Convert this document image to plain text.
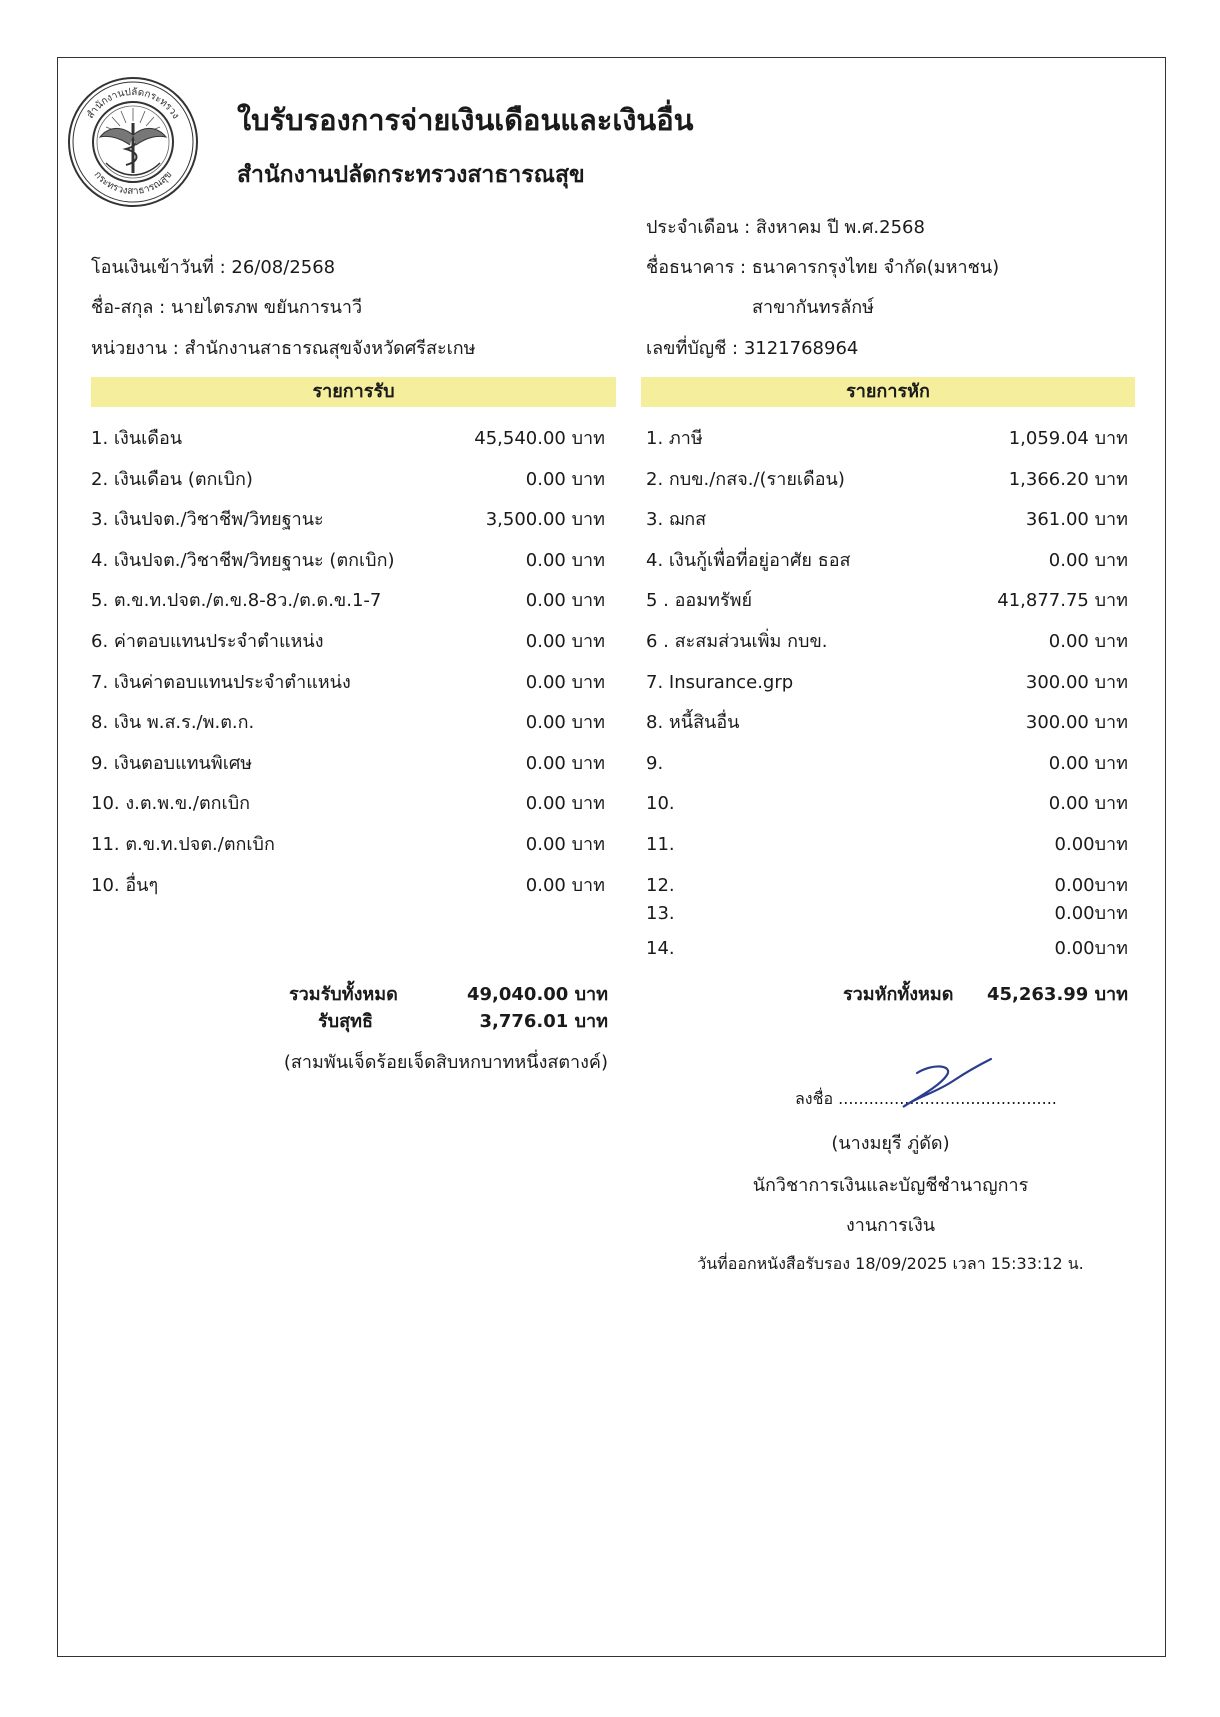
สำนักงานปลัดกระทรวง
กระทรวงสาธารณสุข
ใบรับรองการจ่ายเงินเดือนและเงินอื่น
สำนักงานปลัดกระทรวงสาธารณสุข
ประจำเดือน : สิงหาคม ปี พ.ศ.2568
โอนเงินเข้าวันที่ : 26/08/2568	ชื่อธนาคาร : ธนาคารกรุงไทย จำกัด(มหาชน)
ชื่อ-สกุล : นายไตรภพ ขยันการนาวี	สาขากันทรลักษ์
หน่วยงาน : สำนักงานสาธารณสุขจังหวัดศรีสะเกษ	เลขที่บัญชี : 3121768964
รายการรับ	รายการหัก
1. เงินเดือน	45,540.00 บาท
2. เงินเดือน (ตกเบิก)	0.00 บาท
3. เงินปจต./วิชาชีพ/วิทยฐานะ	3,500.00 บาท
4. เงินปจต./วิชาชีพ/วิทยฐานะ (ตกเบิก)	0.00 บาท
5. ต.ข.ท.ปจต./ต.ข.8-8ว./ต.ด.ข.1-7	0.00 บาท
6. ค่าตอบแทนประจำตำแหน่ง	0.00 บาท
7. เงินค่าตอบแทนประจำตำแหน่ง	0.00 บาท
8. เงิน พ.ส.ร./พ.ต.ก.	0.00 บาท
9. เงินตอบแทนพิเศษ	0.00 บาท
10. ง.ต.พ.ข./ตกเบิก	0.00 บาท
11. ต.ข.ท.ปจต./ตกเบิก	0.00 บาท
10. อื่นๆ	0.00 บาท
1. ภาษี	1,059.04 บาท
2. กบข./กสจ./(รายเดือน)	1,366.20 บาท
3. ฌกส	361.00 บาท
4. เงินกู้เพื่อที่อยู่อาศัย ธอส	0.00 บาท
5 . ออมทรัพย์	41,877.75 บาท
6 . สะสมส่วนเพิ่ม กบข.	0.00 บาท
7. Insurance.grp	300.00 บาท
8. หนี้สินอื่น	300.00 บาท
9.	0.00 บาท
10.	0.00 บาท
11.	0.00บาท
12.	0.00บาท
13.	0.00บาท
14.	0.00บาท
รวมรับทั้งหมด	49,040.00 บาท
รับสุทธิ	3,776.01 บาท
(สามพันเจ็ดร้อยเจ็ดสิบหกบาทหนึ่งสตางค์)
รวมหักทั้งหมด 45,263.99 บาท
ลงชื่อ ...........................................
(นางมยุรี ภู่ดัด)
นักวิชาการเงินและบัญชีชำนาญการ
งานการเงิน
วันที่ออกหนังสือรับรอง 18/09/2025 เวลา 15:33:12 น.
